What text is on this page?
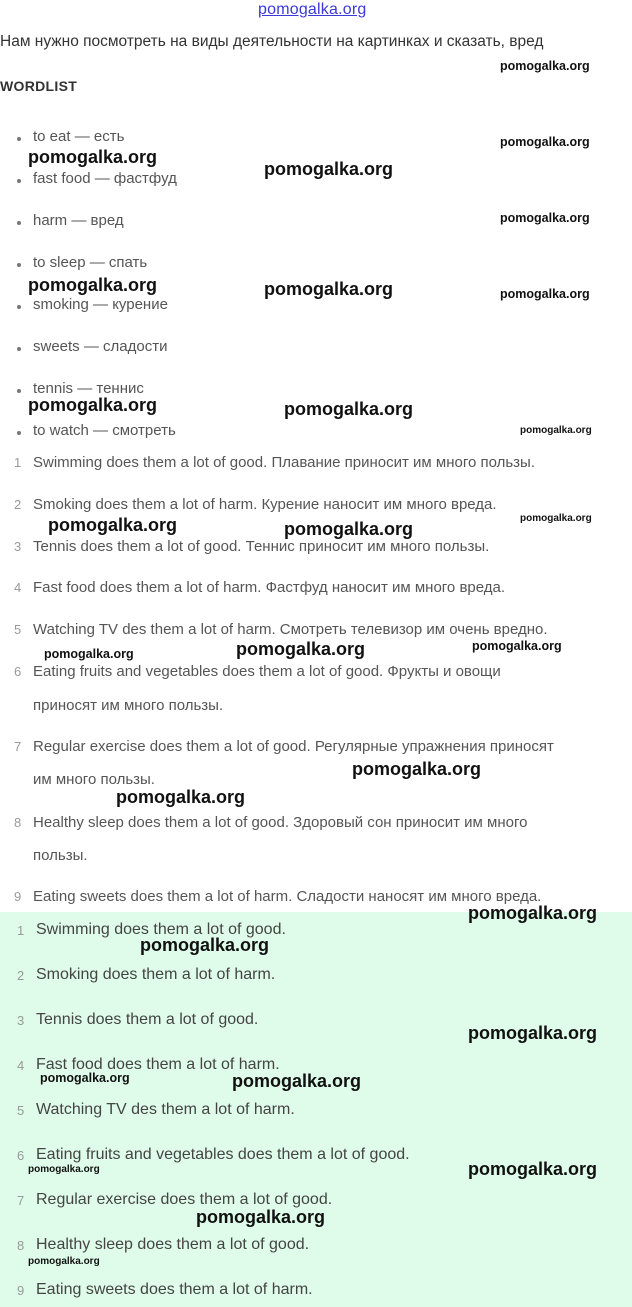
pomogalka.org
Нам нужно посмотреть на виды деятельности на картинках и сказать, вред
WORDLIST
to eat — есть
fast food — фастфуд
harm — вред
to sleep — спать
smoking — курение
sweets — сладости
tennis — теннис
to watch — смотреть
1 Swimming does them a lot of good. Плавание приносит им много пользы.
2 Smoking does them a lot of harm. Курение наносит им много вреда.
3 Tennis does them a lot of good. Теннис приносит им много пользы.
4 Fast food does them a lot of harm. Фастфуд наносит им много вреда.
5 Watching TV des them a lot of harm. Смотреть телевизор им очень вредно.
6 Eating fruits and vegetables does them a lot of good. Фрукты и овощи
приносят им много пользы.
7 Regular exercise does them a lot of good. Регулярные упражнения приносят
им много пользы.
8 Healthy sleep does them a lot of good. Здоровый сон приносит им много
пользы.
9 Eating sweets does them a lot of harm. Сладости наносят им много вреда.
1 Swimming does them a lot of good.
2 Smoking does them a lot of harm.
3 Tennis does them a lot of good.
4 Fast food does them a lot of harm.
5 Watching TV des them a lot of harm.
6 Eating fruits and vegetables does them a lot of good.
7 Regular exercise does them a lot of good.
8 Healthy sleep does them a lot of good.
9 Eating sweets does them a lot of harm.
pomogalka.org
pomogalka.org
pomogalka.org
pomogalka.org
pomogalka.org
pomogalka.org	pomogalka.org	pomogalka.org
pomogalka.org	pomogalka.org
pomogalka.org
pomogalka.org
pomogalka.org	pomogalka.org
pomogalka.org
pomogalka.org
pomogalka.org
pomogalka.org
pomogalka.org
pomogalka.org
pomogalka.org
pomogalka.org
pomogalka.org	pomogalka.org
pomogalka.org
pomogalka.org
pomogalka.org
pomogalka.org
